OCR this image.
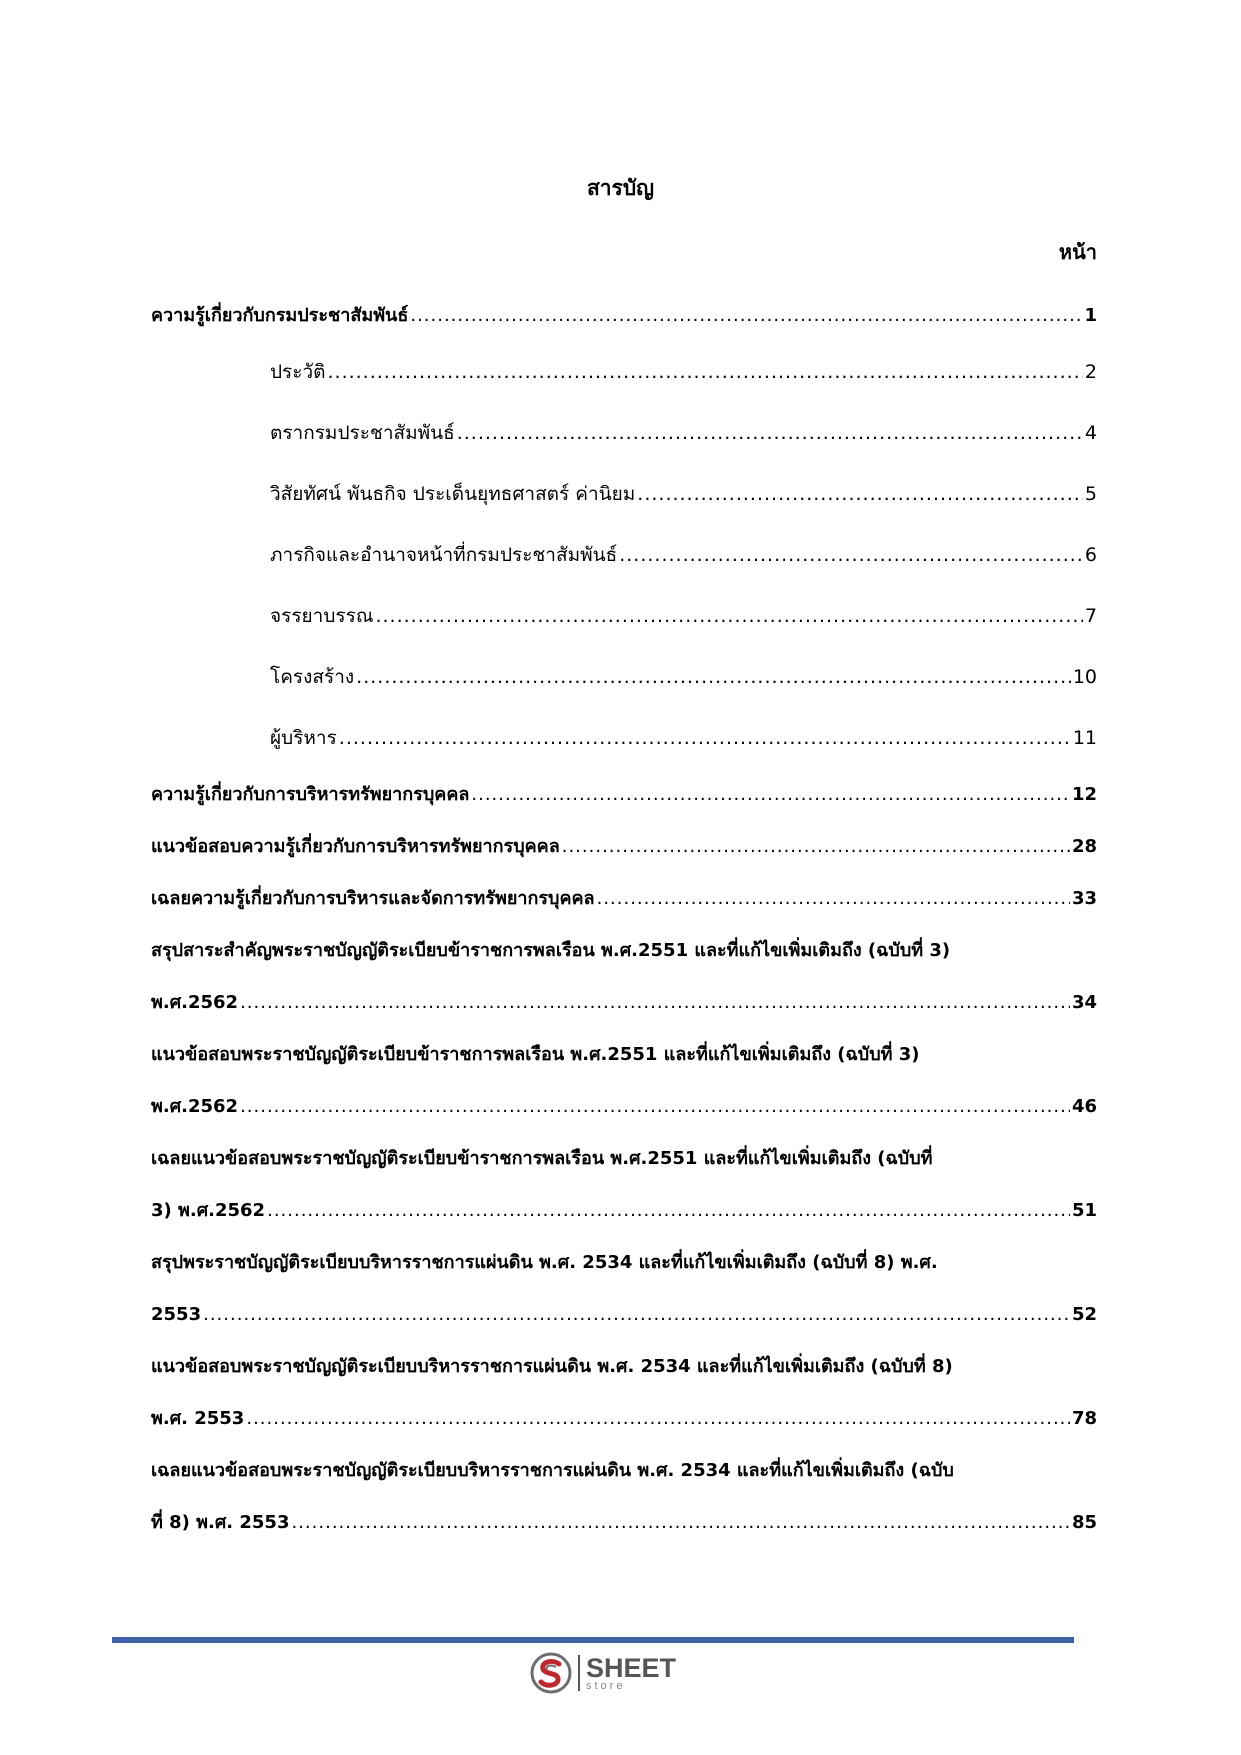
สารบัญ
หน้า
ความรู้เกี่ยวกับกรมประชาสัมพันธ์ .....	1
ประวัติ .....	2
ตรากรมประชาสัมพันธ์ .....	4
วิสัยทัศน์ พันธกิจ ประเด็นยุทธศาสตร์ ค่านิยม .....	5
ภารกิจและอำนาจหน้าที่กรมประชาสัมพันธ์ .....	6
จรรยาบรรณ .....	7
โครงสร้าง .....	10
ผู้บริหาร .....	11
ความรู้เกี่ยวกับการบริหารทรัพยากรบุคคล .....	12
แนวข้อสอบความรู้เกี่ยวกับการบริหารทรัพยากรบุคคล .....	28
เฉลยความรู้เกี่ยวกับการบริหารและจัดการทรัพยากรบุคคล .....	33
สรุปสาระสำคัญพระราชบัญญัติระเบียบข้าราชการพลเรือน พ.ศ.2551 และที่แก้ไขเพิ่มเติมถึง (ฉบับที่ 3)
พ.ศ.2562 .....	34
แนวข้อสอบพระราชบัญญัติระเบียบข้าราชการพลเรือน พ.ศ.2551 และที่แก้ไขเพิ่มเติมถึง (ฉบับที่ 3)
พ.ศ.2562 .....	46
เฉลยแนวข้อสอบพระราชบัญญัติระเบียบข้าราชการพลเรือน พ.ศ.2551 และที่แก้ไขเพิ่มเติมถึง (ฉบับที่
3) พ.ศ.2562 .....	51
สรุปพระราชบัญญัติระเบียบบริหารราชการแผ่นดิน พ.ศ. 2534 และที่แก้ไขเพิ่มเติมถึง (ฉบับที่ 8) พ.ศ.
2553 .....	52
แนวข้อสอบพระราชบัญญัติระเบียบบริหารราชการแผ่นดิน พ.ศ. 2534 และที่แก้ไขเพิ่มเติมถึง (ฉบับที่ 8)
พ.ศ. 2553 .....	78
เฉลยแนวข้อสอบพระราชบัญญัติระเบียบบริหารราชการแผ่นดิน พ.ศ. 2534 และที่แก้ไขเพิ่มเติมถึง (ฉบับ
ที่ 8) พ.ศ. 2553 .....	85
SHEET
store
